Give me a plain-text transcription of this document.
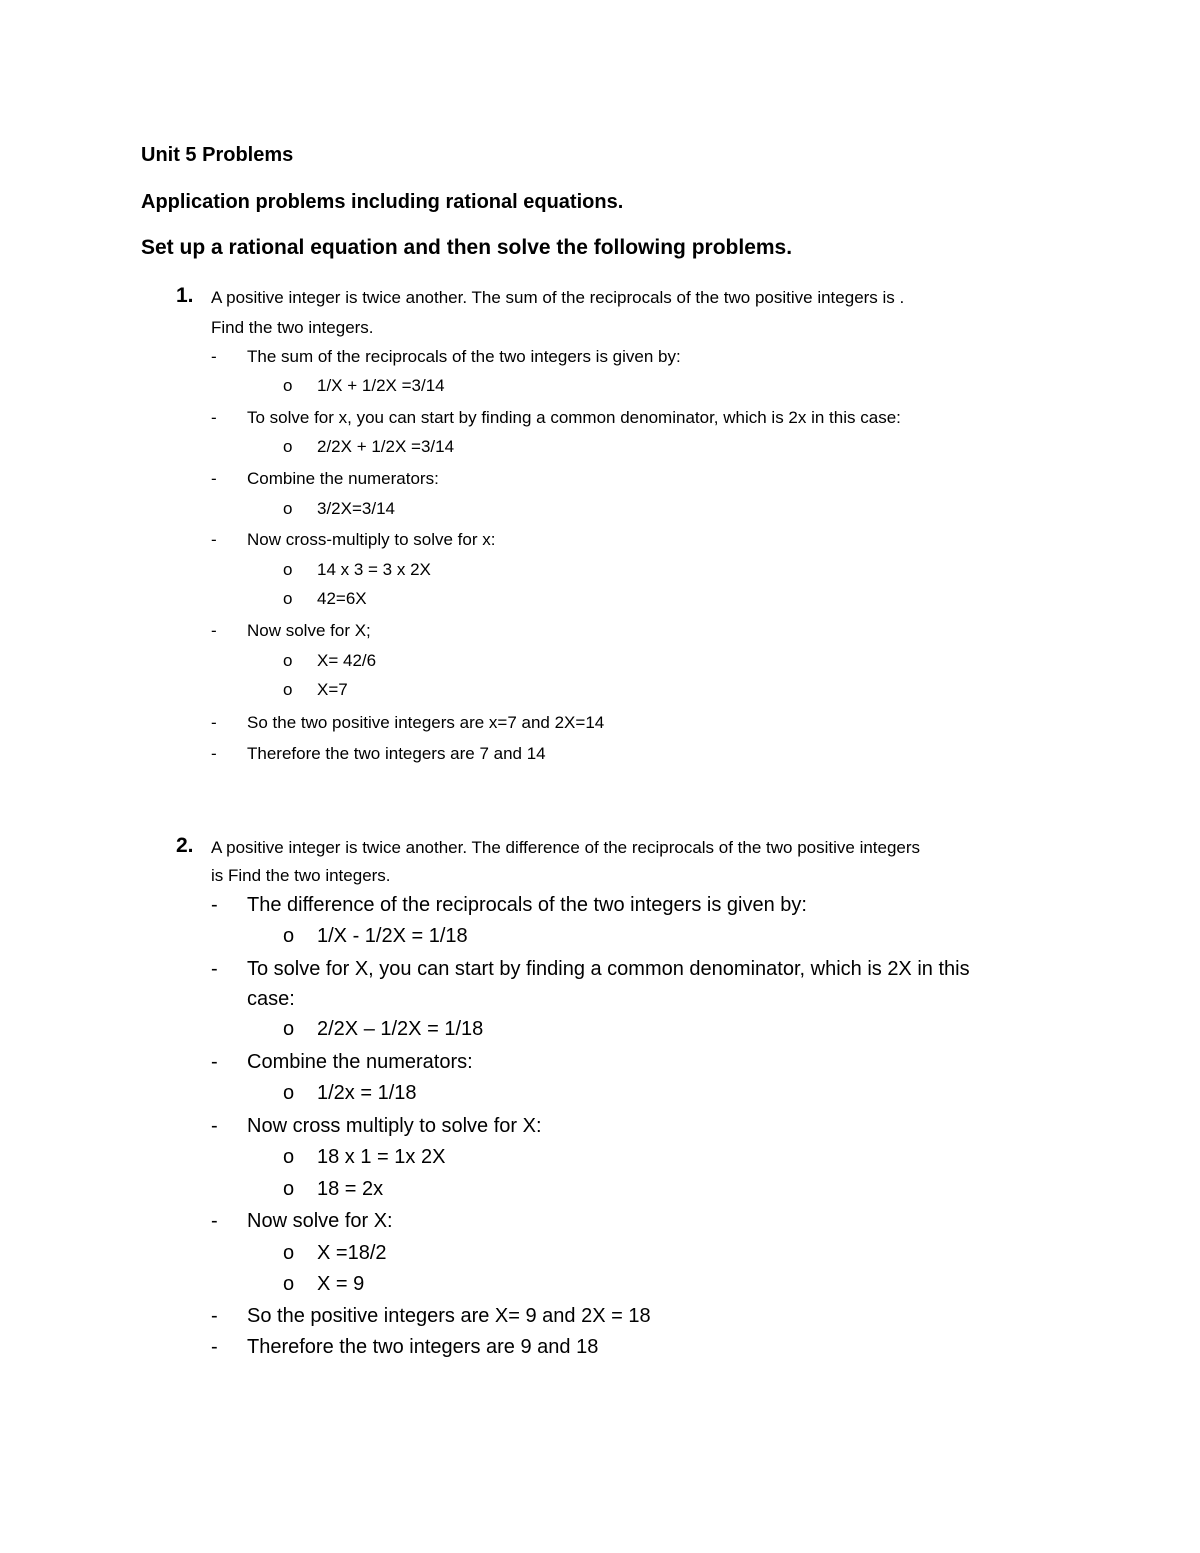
Unit 5 Problems
Application problems including rational equations.
Set up a rational equation and then solve the following problems.
1. A positive integer is twice another. The sum of the reciprocals of the two positive integers is .
Find the two integers.
- The sum of the reciprocals of the two integers is given by:
o 1/X + 1/2X =3/14
- To solve for x, you can start by finding a common denominator, which is 2x in this case:
o 2/2X + 1/2X =3/14
- Combine the numerators:
o 3/2X=3/14
- Now cross-multiply to solve for x:
o 14 x 3 = 3 x 2X
o 42=6X
- Now solve for X;
o X= 42/6
o X=7
- So the two positive integers are x=7 and 2X=14
- Therefore the two integers are 7 and 14
2. A positive integer is twice another. The difference of the reciprocals of the two positive integers
is Find the two integers.
- The difference of the reciprocals of the two integers is given by:
o 1/X - 1/2X = 1/18
- To solve for X, you can start by finding a common denominator, which is 2X in this
case:
o 2/2X – 1/2X = 1/18
- Combine the numerators:
o 1/2x = 1/18
- Now cross multiply to solve for X:
o 18 x 1 = 1x 2X
o 18 = 2x
- Now solve for X:
o X =18/2
o X = 9
- So the positive integers are X= 9 and 2X = 18
- Therefore the two integers are 9 and 18
